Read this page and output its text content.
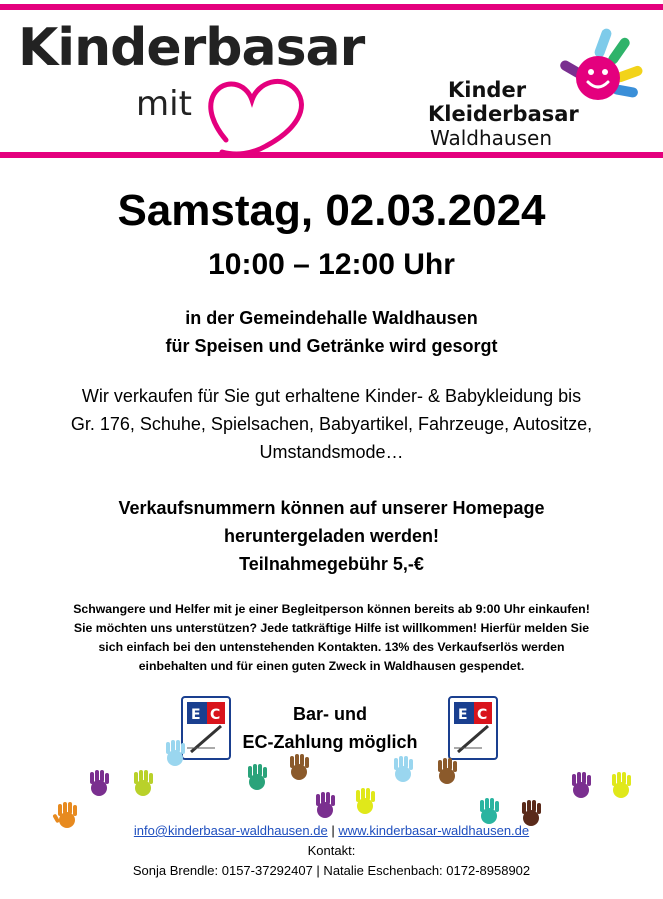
Kinderbasar
mit	Kinder
Kleiderbasar
Waldhausen
Samstag, 02.03.2024
10:00 – 12:00 Uhr
in der Gemeindehalle Waldhausen
für Speisen und Getränke wird gesorgt
Wir verkaufen für Sie gut erhaltene Kinder- & Babykleidung bis
Gr. 176, Schuhe, Spielsachen, Babyartikel, Fahrzeuge, Autositze,
Umstandsmode…
Verkaufsnummern können auf unserer Homepage
heruntergeladen werden!
Teilnahmegebühr 5,-€
Schwangere und Helfer mit je einer Begleitperson können bereits ab 9:00 Uhr einkaufen!
Sie möchten uns unterstützen? Jede tatkräftige Hilfe ist willkommen! Hierfür melden Sie
sich einfach bei den untenstehenden Kontakten. 13% des Verkaufserlös werden
einbehalten und für einen guten Zweck in Waldhausen gespendet.
E C	Bar- und
EC-Zahlung möglich
E C
info@kinderbasar-waldhausen.de | www.kinderbasar-waldhausen.de
Kontakt:
Sonja Brendle: 0157-37292407 | Natalie Eschenbach: 0172-8958902
